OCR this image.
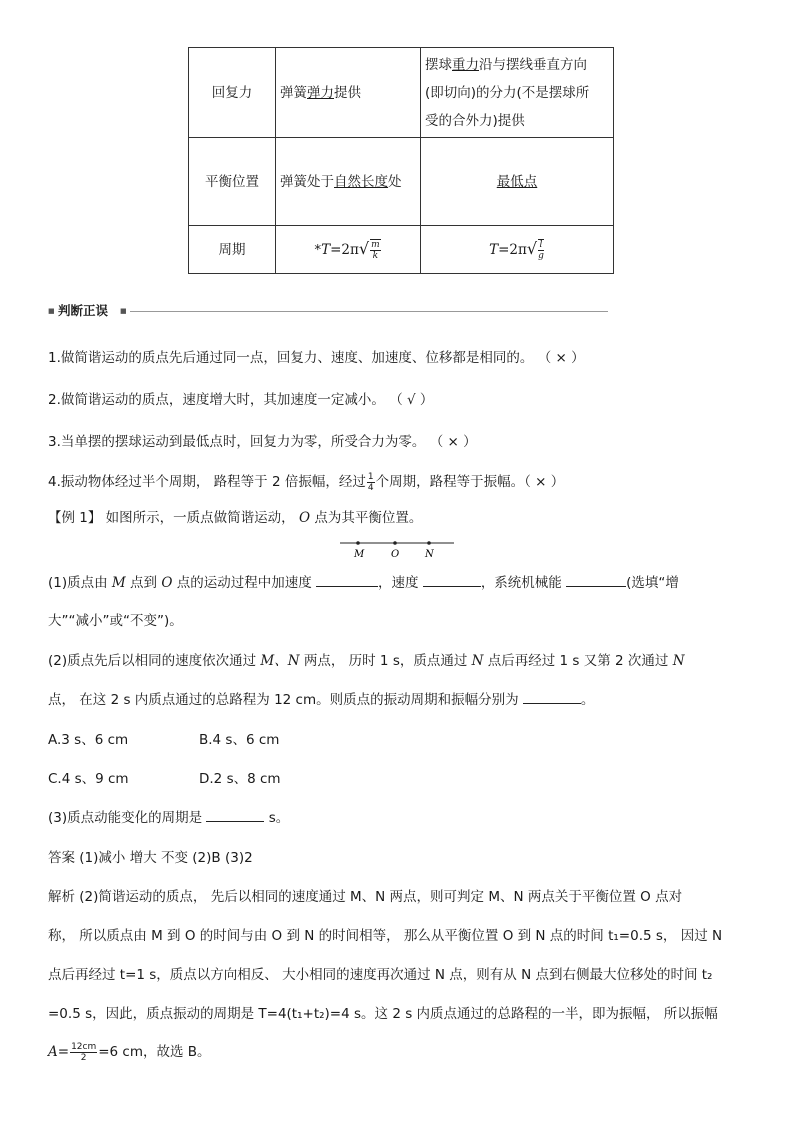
回复力	弹簧弹力提供	摆球重力沿与摆线垂直方向
(即切向)的分力(不是摆球所
受的合外力)提供

平衡位置	弹簧处于自然长度处	最低点
周期	$*T=2\pi√ \frac{m}{k}$	$T=2\pi√ \frac{l}{g}$
■ 判断正误 ■
1.做简谐运动的质点先后通过同一点，回复力、速度、加速度、位移都是相同的。 （ × ）
2.做简谐运动的质点，速度增大时，其加速度一定减小。 （ √ ）
3.当单摆的摆球运动到最低点时，回复力为零，所受合力为零。 （ × ）
4.振动物体经过半个周期， 路程等于 2 倍振幅，经过 $\frac{1}{4}$ 个周期，路程等于振幅。（ × ）
【例 1】 如图所示，一质点做简谐运动， O 点为其平衡位置。
M	O	N
(1)质点由 M 点到 O 点的运动过程中加速度	，速度	，系统机械能	(选填“增
大”“减小”或“不变”)。
(2)质点先后以相同的速度依次通过 M、N 两点， 历时 1 s，质点通过 N 点后再经过 1 s 又第 2 次通过 N
点， 在这 2 s 内质点通过的总路程为 12 cm。则质点的振动周期和振幅分别为	。
A.3 s、6 cm	B.4 s、6 cm
C.4 s、9 cm	D.2 s、8 cm
(3)质点动能变化的周期是	s。
答案 (1)减小 增大 不变 (2)B (3)2
解析 (2)简谐运动的质点， 先后以相同的速度通过 M、N 两点，则可判定 M、N 两点关于平衡位置 O 点对
称， 所以质点由 M 到 O 的时间与由 O 到 N 的时间相等， 那么从平衡位置 O 到 N 点的时间 t₁=0.5 s， 因过 N
点后再经过 t=1 s，质点以方向相反、 大小相同的速度再次通过 N 点，则有从 N 点到右侧最大位移处的时间 t₂
=0.5 s，因此，质点振动的周期是 T=4(t₁+t₂)=4 s。这 2 s 内质点通过的总路程的一半，即为振幅， 所以振幅
$A= \frac{12cm}{2} =6$ cm，故选 B。
